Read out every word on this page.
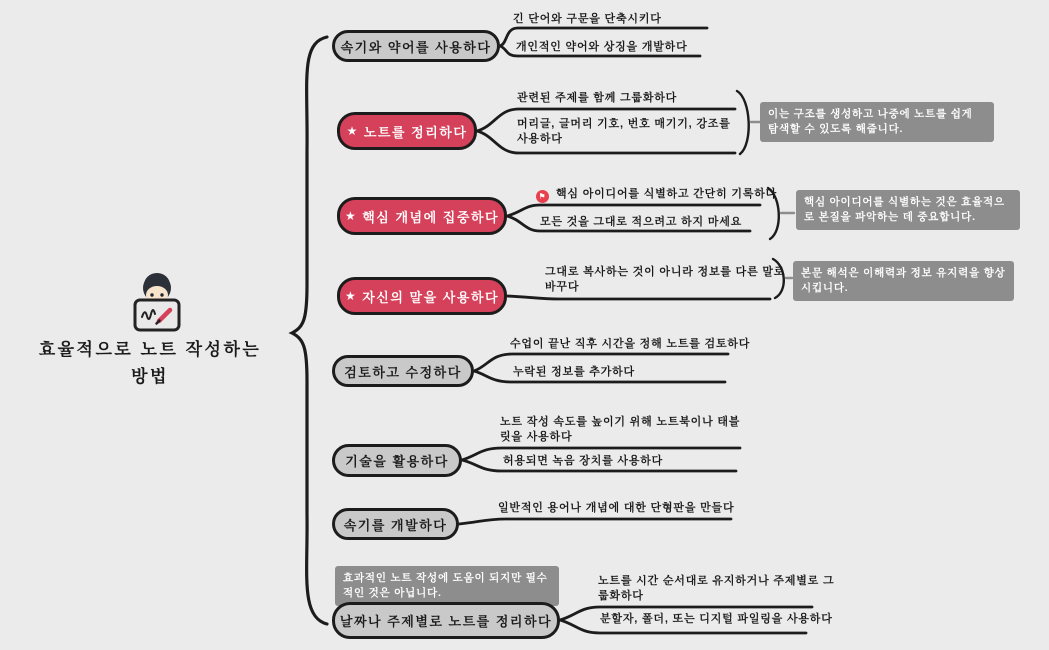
효율적으로 노트 작성하는 방법
속기와 약어를 사용하다
긴 단어와 구문을 단축시키다
개인적인 약어와 상징을 개발하다
★ 노트를 정리하다
관련된 주제를 함께 그룹화하다
머리글, 글머리 기호, 번호 매기기, 강조를 사용하다
이는 구조를 생성하고 나중에 노트를 쉽게 탐색할 수 있도록 해줍니다.
★ 핵심 개념에 집중하다
⚑ 핵심 아이디어를 식별하고 간단히 기록하다
모든 것을 그대로 적으려고 하지 마세요
핵심 아이디어를 식별하는 것은 효율적으로 본질을 파악하는 데 중요합니다.
★ 자신의 말을 사용하다
그대로 복사하는 것이 아니라 정보를 다른 말로 바꾸다
본문 해석은 이해력과 정보 유지력을 향상시킵니다.
검토하고 수정하다
수업이 끝난 직후 시간을 정해 노트를 검토하다
누락된 정보를 추가하다
기술을 활용하다
노트 작성 속도를 높이기 위해 노트북이나 태블릿을 사용하다
허용되면 녹음 장치를 사용하다
속기를 개발하다
일반적인 용어나 개념에 대한 단형판을 만들다
효과적인 노트 작성에 도움이 되지만 필수적인 것은 아닙니다.
날짜나 주제별로 노트를 정리하다
노트를 시간 순서대로 유지하거나 주제별로 그룹화하다
분할자, 폴더, 또는 디지털 파일링을 사용하다
